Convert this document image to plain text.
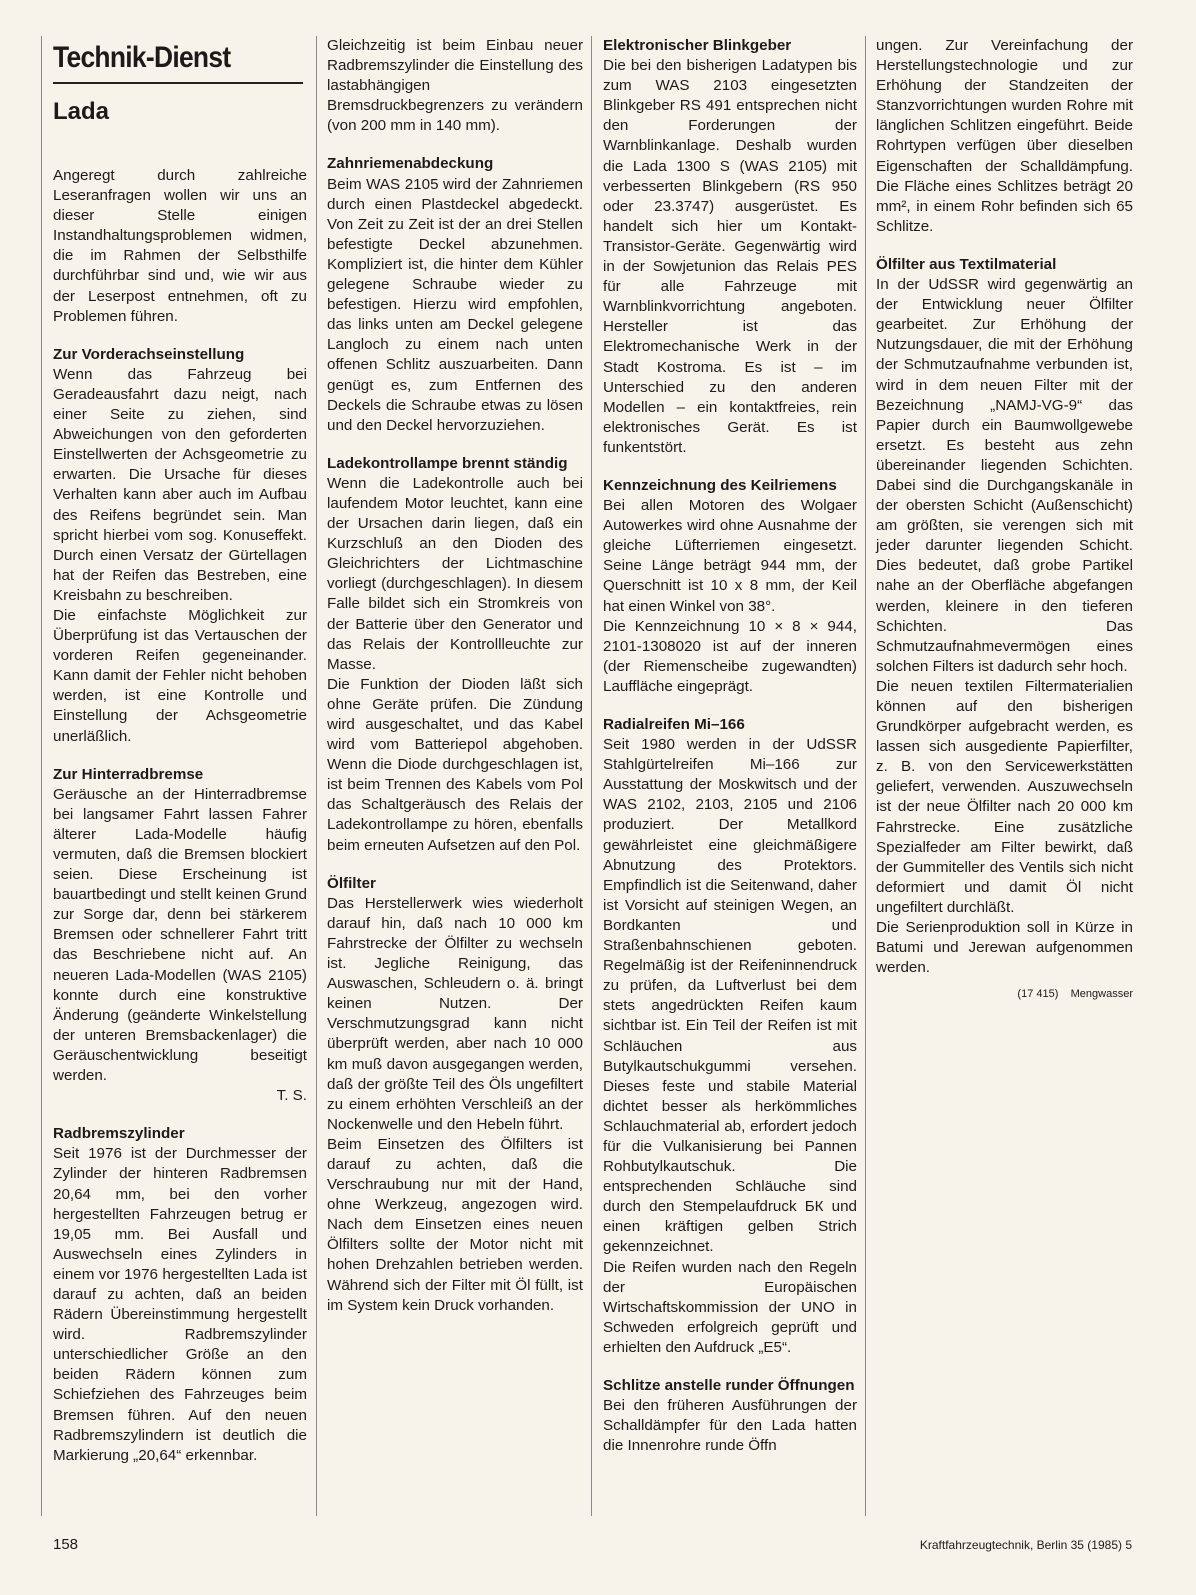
Technik-Dienst
Lada

Angeregt durch zahlreiche Leseranfragen wollen wir uns an dieser Stelle einigen Instandhaltungsproblemen widmen, die im Rahmen der Selbsthilfe durchführbar sind und, wie wir aus der Leserpost entnehmen, oft zu Problemen führen.

Zur Vorderachseinstellung

Wenn das Fahrzeug bei Geradeausfahrt dazu neigt, nach einer Seite zu ziehen, sind Abweichungen von den geforderten Einstellwerten der Achsgeometrie zu erwarten. Die Ursache für dieses Verhalten kann aber auch im Aufbau des Reifens begründet sein. Man spricht hierbei vom sog. Konuseffekt. Durch einen Versatz der Gürtellagen hat der Reifen das Bestreben, eine Kreisbahn zu beschreiben.

Die einfachste Möglichkeit zur Überprüfung ist das Vertauschen der vorderen Reifen gegeneinander. Kann damit der Fehler nicht behoben werden, ist eine Kontrolle und Einstellung der Achsgeometrie unerläßlich.

Zur Hinterradbremse

Geräusche an der Hinterradbremse bei langsamer Fahrt lassen Fahrer älterer Lada-Modelle häufig vermuten, daß die Bremsen blockiert seien. Diese Erscheinung ist bauartbedingt und stellt keinen Grund zur Sorge dar, denn bei stärkerem Bremsen oder schnellerer Fahrt tritt das Beschriebene nicht auf. An neueren Lada-Modellen (WAS 2105) konnte durch eine konstruktive Änderung (geänderte Winkelstellung der unteren Bremsbackenlager) die Geräuschentwicklung beseitigt werden.

T. S.

Radbremszylinder

Seit 1976 ist der Durchmesser der Zylinder der hinteren Radbremsen 20,64 mm, bei den vorher hergestellten Fahrzeugen betrug er 19,05 mm. Bei Ausfall und Auswechseln eines Zylinders in einem vor 1976 hergestellten Lada ist darauf zu achten, daß an beiden Rädern Übereinstimmung hergestellt wird. Radbremszylinder unterschiedlicher Größe an den beiden Rädern können zum Schiefziehen des Fahrzeuges beim Bremsen führen. Auf den neuen Radbremszylindern ist deutlich die Markierung „20,64“ erkennbar.

Gleichzeitig ist beim Einbau neuer Radbremszylinder die Einstellung des lastabhängigen Bremsdruckbegrenzers zu verändern (von 200 mm in 140 mm).

Zahnriemenabdeckung

Beim WAS 2105 wird der Zahnriemen durch einen Plastdeckel abgedeckt. Von Zeit zu Zeit ist der an drei Stellen befestigte Deckel abzunehmen. Kompliziert ist, die hinter dem Kühler gelegene Schraube wieder zu befestigen. Hierzu wird empfohlen, das links unten am Deckel gelegene Langloch zu einem nach unten offenen Schlitz auszuarbeiten. Dann genügt es, zum Entfernen des Deckels die Schraube etwas zu lösen und den Deckel hervorzuziehen.

Ladekontrollampe brennt ständig

Wenn die Ladekontrolle auch bei laufendem Motor leuchtet, kann eine der Ursachen darin liegen, daß ein Kurzschluß an den Dioden des Gleichrichters der Lichtmaschine vorliegt (durchgeschlagen). In diesem Falle bildet sich ein Stromkreis von der Batterie über den Generator und das Relais der Kontrollleuchte zur Masse.

Die Funktion der Dioden läßt sich ohne Geräte prüfen. Die Zündung wird ausgeschaltet, und das Kabel wird vom Batteriepol abgehoben. Wenn die Diode durchgeschlagen ist, ist beim Trennen des Kabels vom Pol das Schaltgeräusch des Relais der Ladekontrollampe zu hören, ebenfalls beim erneuten Aufsetzen auf den Pol.

Ölfilter

Das Herstellerwerk wies wiederholt darauf hin, daß nach 10 000 km Fahrstrecke der Ölfilter zu wechseln ist. Jegliche Reinigung, das Auswaschen, Schleudern o. ä. bringt keinen Nutzen. Der Verschmutzungsgrad kann nicht überprüft werden, aber nach 10 000 km muß davon ausgegangen werden, daß der größte Teil des Öls ungefiltert zu einem erhöhten Verschleiß an der Nockenwelle und den Hebeln führt.

Beim Einsetzen des Ölfilters ist darauf zu achten, daß die Verschraubung nur mit der Hand, ohne Werkzeug, angezogen wird. Nach dem Einsetzen eines neuen Ölfilters sollte der Motor nicht mit hohen Drehzahlen betrieben werden. Während sich der Filter mit Öl füllt, ist im System kein Druck vorhanden.

Elektronischer Blinkgeber

Die bei den bisherigen Ladatypen bis zum WAS 2103 eingesetzten Blinkgeber RS 491 entsprechen nicht den Forderungen der Warnblinkanlage. Deshalb wurden die Lada 1300 S (WAS 2105) mit verbesserten Blinkgebern (RS 950 oder 23.3747) ausgerüstet. Es handelt sich hier um Kontakt-Transistor-Geräte. Gegenwärtig wird in der Sowjetunion das Relais PES für alle Fahrzeuge mit Warnblinkvorrichtung angeboten. Hersteller ist das Elektromechanische Werk in der Stadt Kostroma. Es ist – im Unterschied zu den anderen Modellen – ein kontaktfreies, rein elektronisches Gerät. Es ist funkentstört.

Kennzeichnung des Keilriemens

Bei allen Motoren des Wolgaer Autowerkes wird ohne Ausnahme der gleiche Lüfterriemen eingesetzt. Seine Länge beträgt 944 mm, der Querschnitt ist 10 x 8 mm, der Keil hat einen Winkel von 38°.

Die Kennzeichnung 10 × 8 × 944, 2101-1308020 ist auf der inneren (der Riemenscheibe zugewandten) Lauffläche eingeprägt.

Radialreifen Mi–166

Seit 1980 werden in der UdSSR Stahlgürtelreifen Mi–166 zur Ausstattung der Moskwitsch und der WAS 2102, 2103, 2105 und 2106 produziert. Der Metallkord gewährleistet eine gleichmäßigere Abnutzung des Protektors. Empfindlich ist die Seitenwand, daher ist Vorsicht auf steinigen Wegen, an Bordkanten und Straßenbahnschienen geboten. Regelmäßig ist der Reifeninnendruck zu prüfen, da Luftverlust bei dem stets angedrückten Reifen kaum sichtbar ist. Ein Teil der Reifen ist mit Schläuchen aus Butylkautschukgummi versehen. Dieses feste und stabile Material dichtet besser als herkömmliches Schlauchmaterial ab, erfordert jedoch für die Vulkanisierung bei Pannen Rohbutylkautschuk. Die entsprechenden Schläuche sind durch den Stempelaufdruck БК und einen kräftigen gelben Strich gekennzeichnet.

Die Reifen wurden nach den Regeln der Europäischen Wirtschaftskommission der UNO in Schweden erfolgreich geprüft und erhielten den Aufdruck „E5“.

Schlitze anstelle runder Öffnungen

Bei den früheren Ausführungen der Schalldämpfer für den Lada hatten die Innenrohre runde Öffn

ungen. Zur Vereinfachung der Herstellungstechnologie und zur Erhöhung der Standzeiten der Stanzvorrichtungen wurden Rohre mit länglichen Schlitzen eingeführt. Beide Rohrtypen verfügen über dieselben Eigenschaften der Schalldämpfung. Die Fläche eines Schlitzes beträgt 20 mm², in einem Rohr befinden sich 65 Schlitze.

Ölfilter aus Textilmaterial

In der UdSSR wird gegenwärtig an der Entwicklung neuer Ölfilter gearbeitet. Zur Erhöhung der Nutzungsdauer, die mit der Erhöhung der Schmutzaufnahme verbunden ist, wird in dem neuen Filter mit der Bezeichnung „NAMJ-VG-9“ das Papier durch ein Baumwollgewebe ersetzt. Es besteht aus zehn übereinander liegenden Schichten. Dabei sind die Durchgangskanäle in der obersten Schicht (Außenschicht) am größten, sie verengen sich mit jeder darunter liegenden Schicht. Dies bedeutet, daß grobe Partikel nahe an der Oberfläche abgefangen werden, kleinere in den tieferen Schichten. Das Schmutzaufnahmevermögen eines solchen Filters ist dadurch sehr hoch.

Die neuen textilen Filtermaterialien können auf den bisherigen Grundkörper aufgebracht werden, es lassen sich ausgediente Papierfilter, z. B. von den Servicewerkstätten geliefert, verwenden. Auszuwechseln ist der neue Ölfilter nach 20 000 km Fahrstrecke. Eine zusätzliche Spezialfeder am Filter bewirkt, daß der Gummiteller des Ventils sich nicht deformiert und damit Öl nicht ungefiltert durchläßt.

Die Serienproduktion soll in Kürze in Batumi und Jerewan aufgenommen werden.

(17 415) Mengwasser
158	Kraftfahrzeugtechnik, Berlin 35 (1985) 5
